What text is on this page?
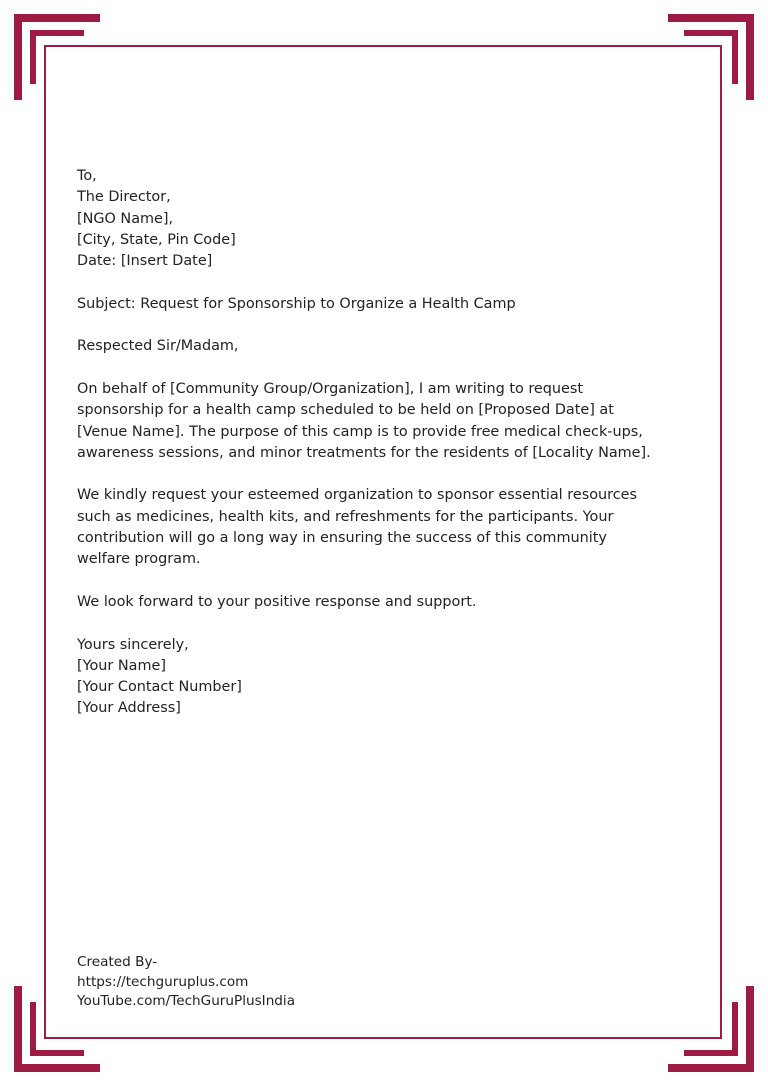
To,
The Director,
[NGO Name],
[City, State, Pin Code]
Date: [Insert Date]
Subject: Request for Sponsorship to Organize a Health Camp
Respected Sir/Madam,
On behalf of [Community Group/Organization], I am writing to request
sponsorship for a health camp scheduled to be held on [Proposed Date] at
[Venue Name]. The purpose of this camp is to provide free medical check-ups,
awareness sessions, and minor treatments for the residents of [Locality Name].
We kindly request your esteemed organization to sponsor essential resources
such as medicines, health kits, and refreshments for the participants. Your
contribution will go a long way in ensuring the success of this community
welfare program.
We look forward to your positive response and support.
Yours sincerely,
[Your Name]
[Your Contact Number]
[Your Address]
Created By-
https://techguruplus.com
YouTube.com/TechGuruPlusIndia
